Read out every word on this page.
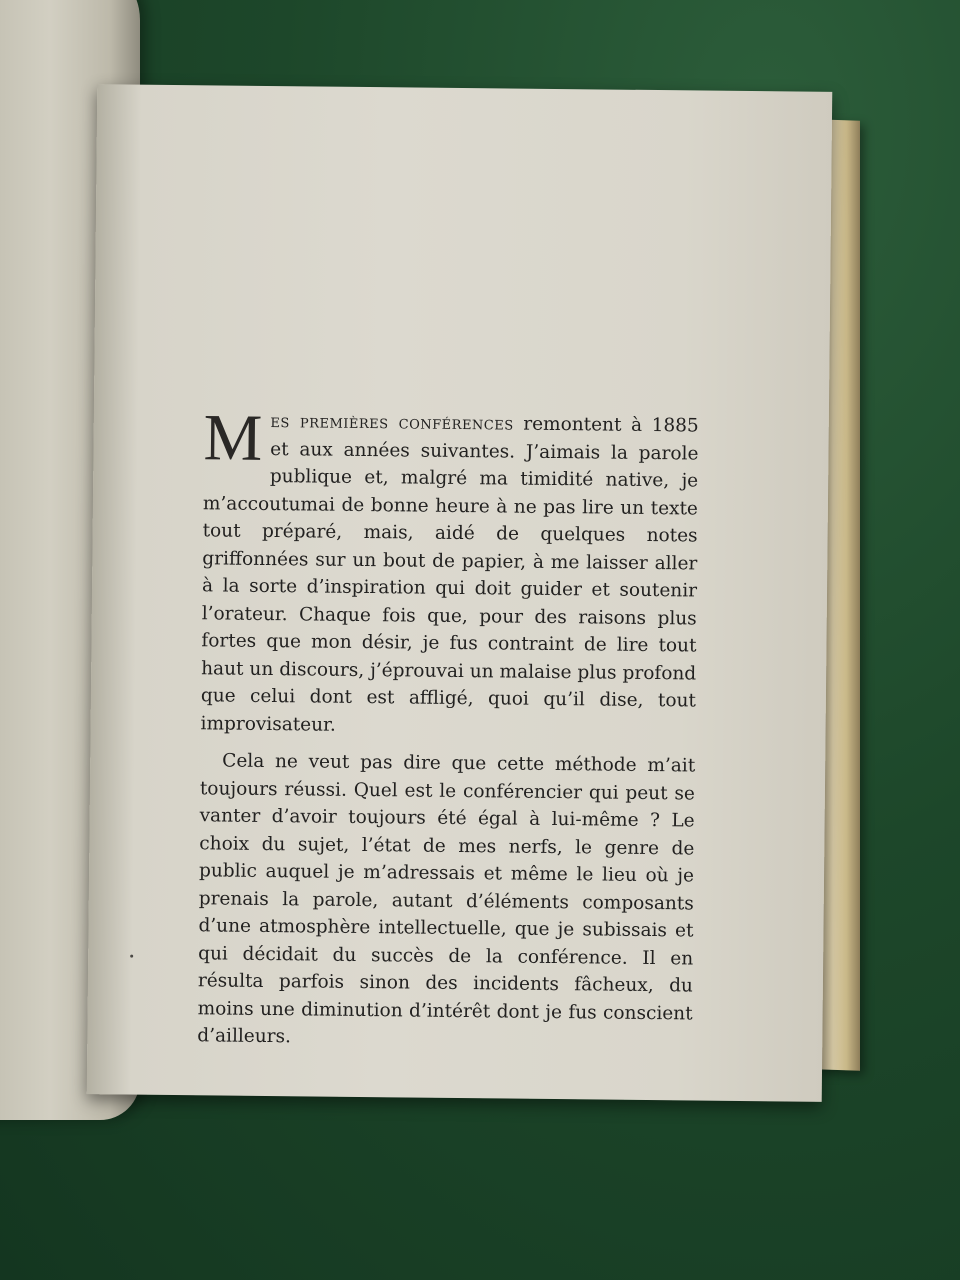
Mes premières conférences remontent à 1885 et aux années suivantes. J’aimais la parole publique et, malgré ma timidité native, je m’accoutumai de bonne heure à ne pas lire un texte tout préparé, mais, aidé de quelques notes griffonnées sur un bout de papier, à me laisser aller à la sorte d’inspiration qui doit guider et soutenir l’orateur. Chaque fois que, pour des raisons plus fortes que mon désir, je fus contraint de lire tout haut un discours, j’éprouvai un malaise plus profond que celui dont est affligé, quoi qu’il dise, tout improvisateur.

Cela ne veut pas dire que cette méthode m’ait toujours réussi. Quel est le conférencier qui peut se vanter d’avoir toujours été égal à lui-même ? Le choix du sujet, l’état de mes nerfs, le genre de public auquel je m’adressais et même le lieu où je prenais la parole, autant d’éléments composants d’une atmosphère intellectuelle, que je subissais et qui décidait du succès de la conférence. Il en résulta parfois sinon des incidents fâcheux, du moins une diminution d’intérêt dont je fus conscient d’ailleurs.
